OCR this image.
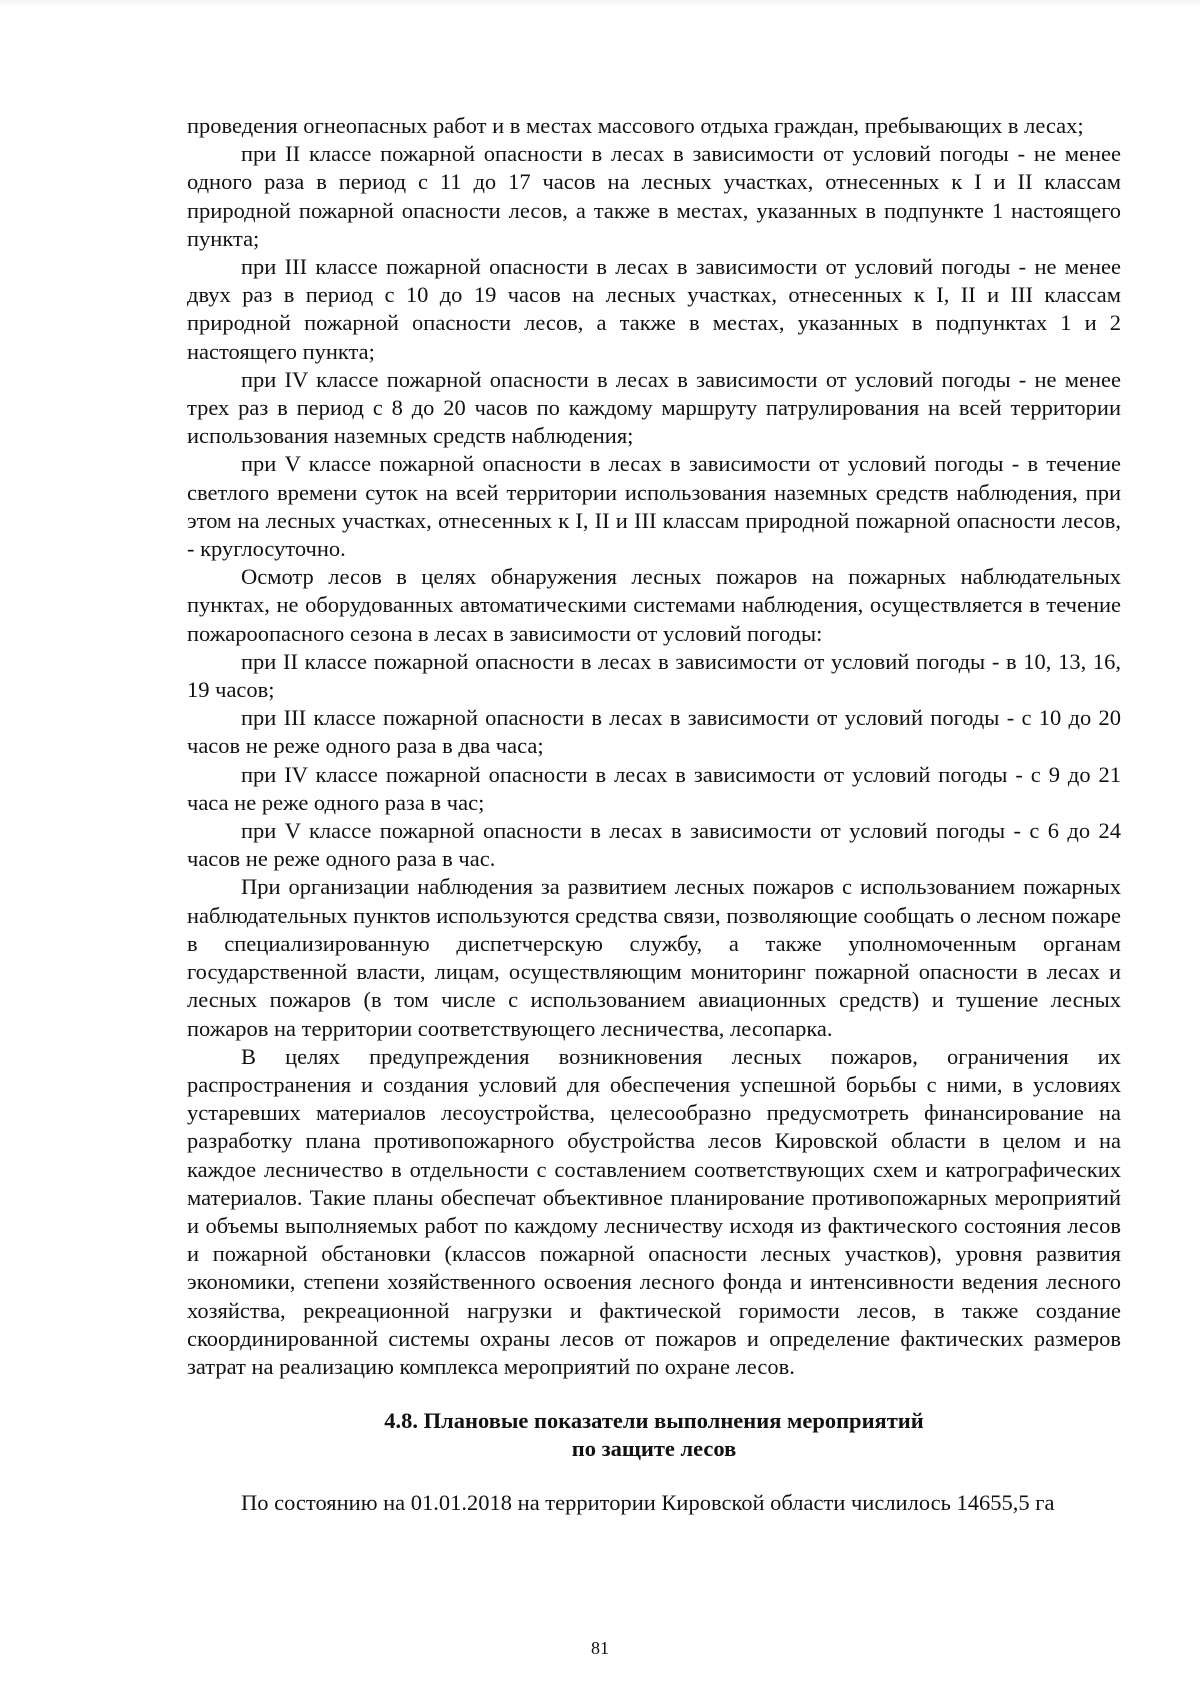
проведения огнеопасных работ и в местах массового отдыха граждан, пребывающих в лесах;

при II классе пожарной опасности в лесах в зависимости от условий погоды - не менее одного раза в период с 11 до 17 часов на лесных участках, отнесенных к I и II классам природной пожарной опасности лесов, а также в местах, указанных в подпункте 1 настоящего пункта;

при III классе пожарной опасности в лесах в зависимости от условий погоды - не менее двух раз в период с 10 до 19 часов на лесных участках, отнесенных к I, II и III классам природной пожарной опасности лесов, а также в местах, указанных в подпунктах 1 и 2 настоящего пункта;

при IV классе пожарной опасности в лесах в зависимости от условий погоды - не менее трех раз в период с 8 до 20 часов по каждому маршруту патрулирования на всей территории использования наземных средств наблюдения;

при V классе пожарной опасности в лесах в зависимости от условий погоды - в течение светлого времени суток на всей территории использования наземных средств наблюдения, при этом на лесных участках, отнесенных к I, II и III классам природной пожарной опасности лесов, - круглосуточно.

Осмотр лесов в целях обнаружения лесных пожаров на пожарных наблюдательных пунктах, не оборудованных автоматическими системами наблюдения, осуществляется в течение пожароопасного сезона в лесах в зависимости от условий погоды:

при II классе пожарной опасности в лесах в зависимости от условий погоды - в 10, 13, 16, 19 часов;

при III классе пожарной опасности в лесах в зависимости от условий погоды - с 10 до 20 часов не реже одного раза в два часа;

при IV классе пожарной опасности в лесах в зависимости от условий погоды - с 9 до 21 часа не реже одного раза в час;

при V классе пожарной опасности в лесах в зависимости от условий погоды - с 6 до 24 часов не реже одного раза в час.

При организации наблюдения за развитием лесных пожаров с использованием пожарных наблюдательных пунктов используются средства связи, позволяющие сообщать о лесном пожаре в специализированную диспетчерскую службу, а также уполномоченным органам государственной власти, лицам, осуществляющим мониторинг пожарной опасности в лесах и лесных пожаров (в том числе с использованием авиационных средств) и тушение лесных пожаров на территории соответствующего лесничества, лесопарка.

В целях предупреждения возникновения лесных пожаров, ограничения их распространения и создания условий для обеспечения успешной борьбы с ними, в условиях устаревших материалов лесоустройства, целесообразно предусмотреть финансирование на разработку плана противопожарного обустройства лесов Кировской области в целом и на каждое лесничество в отдельности с составлением соответствующих схем и катрографических материалов. Такие планы обеспечат объективное планирование противопожарных мероприятий и объемы выполняемых работ по каждому лесничеству исходя из фактического состояния лесов и пожарной обстановки (классов пожарной опасности лесных участков), уровня развития экономики, степени хозяйственного освоения лесного фонда и интенсивности ведения лесного хозяйства, рекреационной нагрузки и фактической горимости лесов, в также создание скоординированной системы охраны лесов от пожаров и определение фактических размеров затрат на реализацию комплекса мероприятий по охране лесов.

4.8. Плановые показатели выполнения мероприятий
по защите лесов

По состоянию на 01.01.2018 на территории Кировской области числилось 14655,5 га

81
